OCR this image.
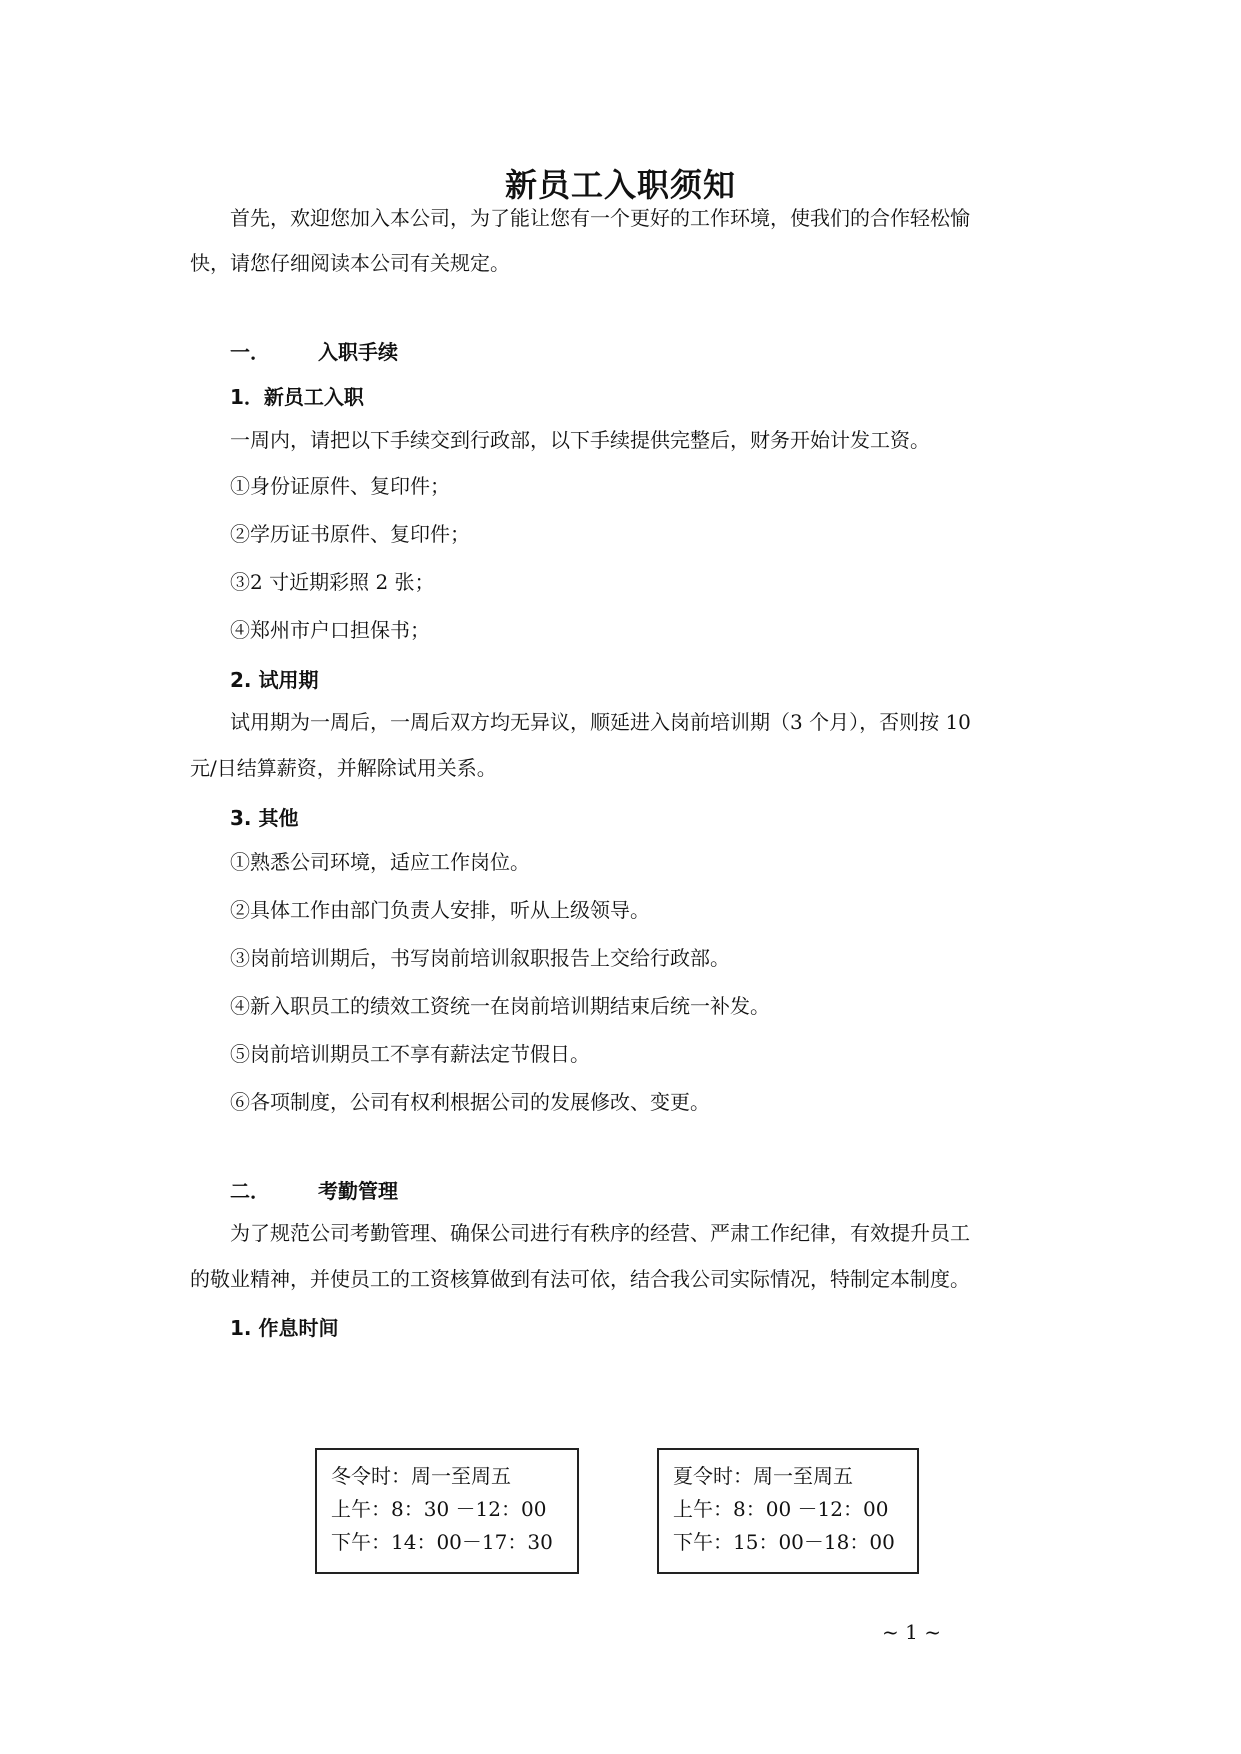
新员工入职须知
首先，欢迎您加入本公司，为了能让您有一个更好的工作环境，使我们的合作轻松愉
快，请您仔细阅读本公司有关规定。
一． 入职手续
1．新员工入职
一周内，请把以下手续交到行政部，以下手续提供完整后，财务开始计发工资。
①身份证原件、复印件；
②学历证书原件、复印件；
③2 寸近期彩照 2 张；
④郑州市户口担保书；
2. 试用期
试用期为一周后，一周后双方均无异议，顺延进入岗前培训期（3 个月），否则按 10
元/日结算薪资，并解除试用关系。
3. 其他
①熟悉公司环境，适应工作岗位。
②具体工作由部门负责人安排，听从上级领导。
③岗前培训期后，书写岗前培训叙职报告上交给行政部。
④新入职员工的绩效工资统一在岗前培训期结束后统一补发。
⑤岗前培训期员工不享有薪法定节假日。
⑥各项制度，公司有权利根据公司的发展修改、变更。
二． 考勤管理
为了规范公司考勤管理、确保公司进行有秩序的经营、严肃工作纪律，有效提升员工
的敬业精神，并使员工的工资核算做到有法可依，结合我公司实际情况，特制定本制度。
1. 作息时间
冬令时：周一至周五
上午：8：30 －12：00
下午：14：00－17：30
夏令时：周一至周五
上午：8：00 －12：00
下午：15：00－18：00
~ 1 ~
